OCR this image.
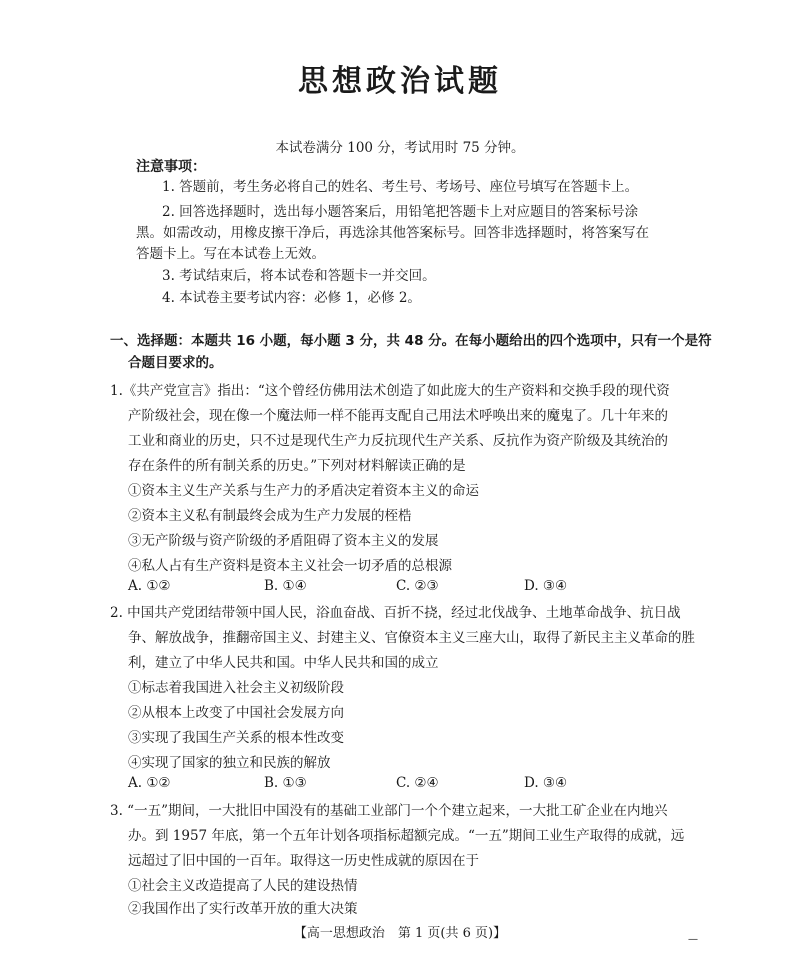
思想政治试题
本试卷满分 100 分，考试用时 75 分钟。
注意事项：
1. 答题前，考生务必将自己的姓名、考生号、考场号、座位号填写在答题卡上。
2. 回答选择题时，选出每小题答案后，用铅笔把答题卡上对应题目的答案标号涂
黑。如需改动，用橡皮擦干净后，再选涂其他答案标号。回答非选择题时，将答案写在
答题卡上。写在本试卷上无效。
3. 考试结束后，将本试卷和答题卡一并交回。
4. 本试卷主要考试内容：必修 1，必修 2。
一、选择题：本题共 16 小题，每小题 3 分，共 48 分。在每小题给出的四个选项中，只有一个是符
合题目要求的。
1.《共产党宣言》指出：“这个曾经仿佛用法术创造了如此庞大的生产资料和交换手段的现代资
产阶级社会，现在像一个魔法师一样不能再支配自己用法术呼唤出来的魔鬼了。几十年来的
工业和商业的历史，只不过是现代生产力反抗现代生产关系、反抗作为资产阶级及其统治的
存在条件的所有制关系的历史。”下列对材料解读正确的是
①资本主义生产关系与生产力的矛盾决定着资本主义的命运
②资本主义私有制最终会成为生产力发展的桎梏
③无产阶级与资产阶级的矛盾阻碍了资本主义的发展
④私人占有生产资料是资本主义社会一切矛盾的总根源
A. ①②	B. ①④	C. ②③	D. ③④
2. 中国共产党团结带领中国人民，浴血奋战、百折不挠，经过北伐战争、土地革命战争、抗日战
争、解放战争，推翻帝国主义、封建主义、官僚资本主义三座大山，取得了新民主主义革命的胜
利，建立了中华人民共和国。中华人民共和国的成立
①标志着我国进入社会主义初级阶段
②从根本上改变了中国社会发展方向
③实现了我国生产关系的根本性改变
④实现了国家的独立和民族的解放
A. ①②	B. ①③	C. ②④	D. ③④
3. “一五”期间，一大批旧中国没有的基础工业部门一个个建立起来，一大批工矿企业在内地兴
办。到 1957 年底，第一个五年计划各项指标超额完成。“一五”期间工业生产取得的成就，远
远超过了旧中国的一百年。取得这一历史性成就的原因在于
①社会主义改造提高了人民的建设热情
②我国作出了实行改革开放的重大决策
【高一思想政治　第 1 页(共 6 页)】	—
